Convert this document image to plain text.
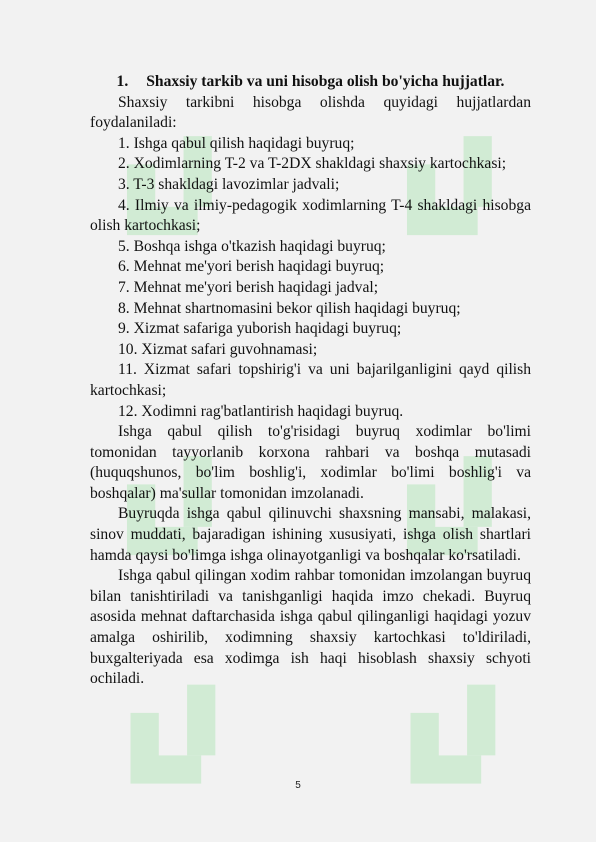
1. Shaxsiy tarkib va uni hisobga olish bo'yicha hujjatlar.

Shaxsiy tarkibni hisobga olishda quyidagi hujjatlardan foydalaniladi:

1. Ishga qabul qilish haqidagi buyruq;

2. Xodimlarning T-2 va T-2DX shakldagi shaxsiy kartochkasi;

3. T-3 shakldagi lavozimlar jadvali;

4. Ilmiy va ilmiy-pedagogik xodimlarning T-4 shakldagi hisobga olish kartochkasi;

5. Boshqa ishga o'tkazish haqidagi buyruq;

6. Mehnat me'yori berish haqidagi buyruq;

7. Mehnat me'yori berish haqidagi jadval;

8. Mehnat shartnomasini bekor qilish haqidagi buyruq;

9. Xizmat safariga yuborish haqidagi buyruq;

10. Xizmat safari guvohnamasi;

11. Xizmat safari topshirig'i va uni bajarilganligini qayd qilish kartochkasi;

12. Xodimni rag'batlantirish haqidagi buyruq.

Ishga qabul qilish to'g'risidagi buyruq xodimlar bo'limi tomonidan tayyorlanib korxona rahbari va boshqa mutasadi (huquqshunos, bo'lim boshlig'i, xodimlar bo'limi boshlig'i va boshqalar) ma'sullar tomonidan imzolanadi.

Buyruqda ishga qabul qilinuvchi shaxsning mansabi, malakasi, sinov muddati, bajaradigan ishining xususiyati, ishga olish shartlari hamda qaysi bo'limga ishga olinayotganligi va boshqalar ko'rsatiladi.

Ishga qabul qilingan xodim rahbar tomonidan imzolangan buyruq bilan tanishtiriladi va tanishganligi haqida imzo chekadi. Buyruq asosida mehnat daftarchasida ishga qabul qilinganligi haqidagi yozuv amalga oshirilib, xodimning shaxsiy kartochkasi to'ldiriladi, buxgalteriyada esa xodimga ish haqi hisoblash shaxsiy schyoti ochiladi.

5
